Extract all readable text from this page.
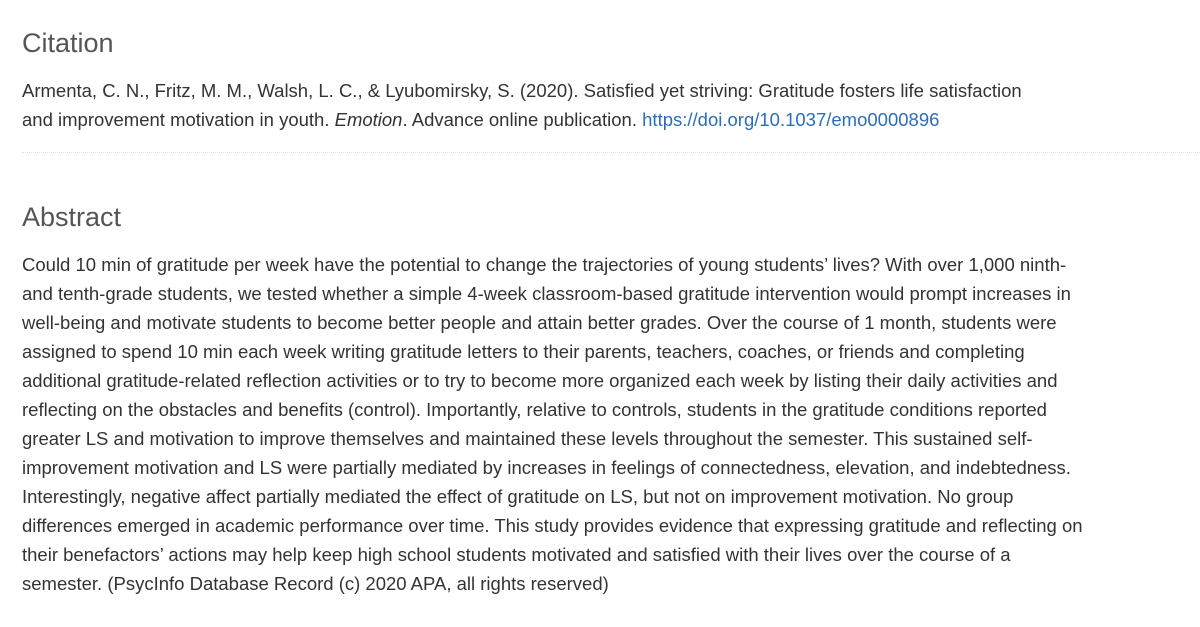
Citation
Armenta, C. N., Fritz, M. M., Walsh, L. C., & Lyubomirsky, S. (2020). Satisfied yet striving: Gratitude fosters life satisfaction
and improvement motivation in youth. Emotion. Advance online publication. https://doi.org/10.1037/emo0000896
Abstract

Could 10 min of gratitude per week have the potential to change the trajectories of young students’ lives? With over 1,000 ninth-
and tenth-grade students, we tested whether a simple 4-week classroom-based gratitude intervention would prompt increases in
well-being and motivate students to become better people and attain better grades. Over the course of 1 month, students were
assigned to spend 10 min each week writing gratitude letters to their parents, teachers, coaches, or friends and completing
additional gratitude-related reflection activities or to try to become more organized each week by listing their daily activities and
reflecting on the obstacles and benefits (control). Importantly, relative to controls, students in the gratitude conditions reported
greater LS and motivation to improve themselves and maintained these levels throughout the semester. This sustained self-
improvement motivation and LS were partially mediated by increases in feelings of connectedness, elevation, and indebtedness.
Interestingly, negative affect partially mediated the effect of gratitude on LS, but not on improvement motivation. No group
differences emerged in academic performance over time. This study provides evidence that expressing gratitude and reflecting on
their benefactors’ actions may help keep high school students motivated and satisfied with their lives over the course of a
semester. (PsycInfo Database Record (c) 2020 APA, all rights reserved)
